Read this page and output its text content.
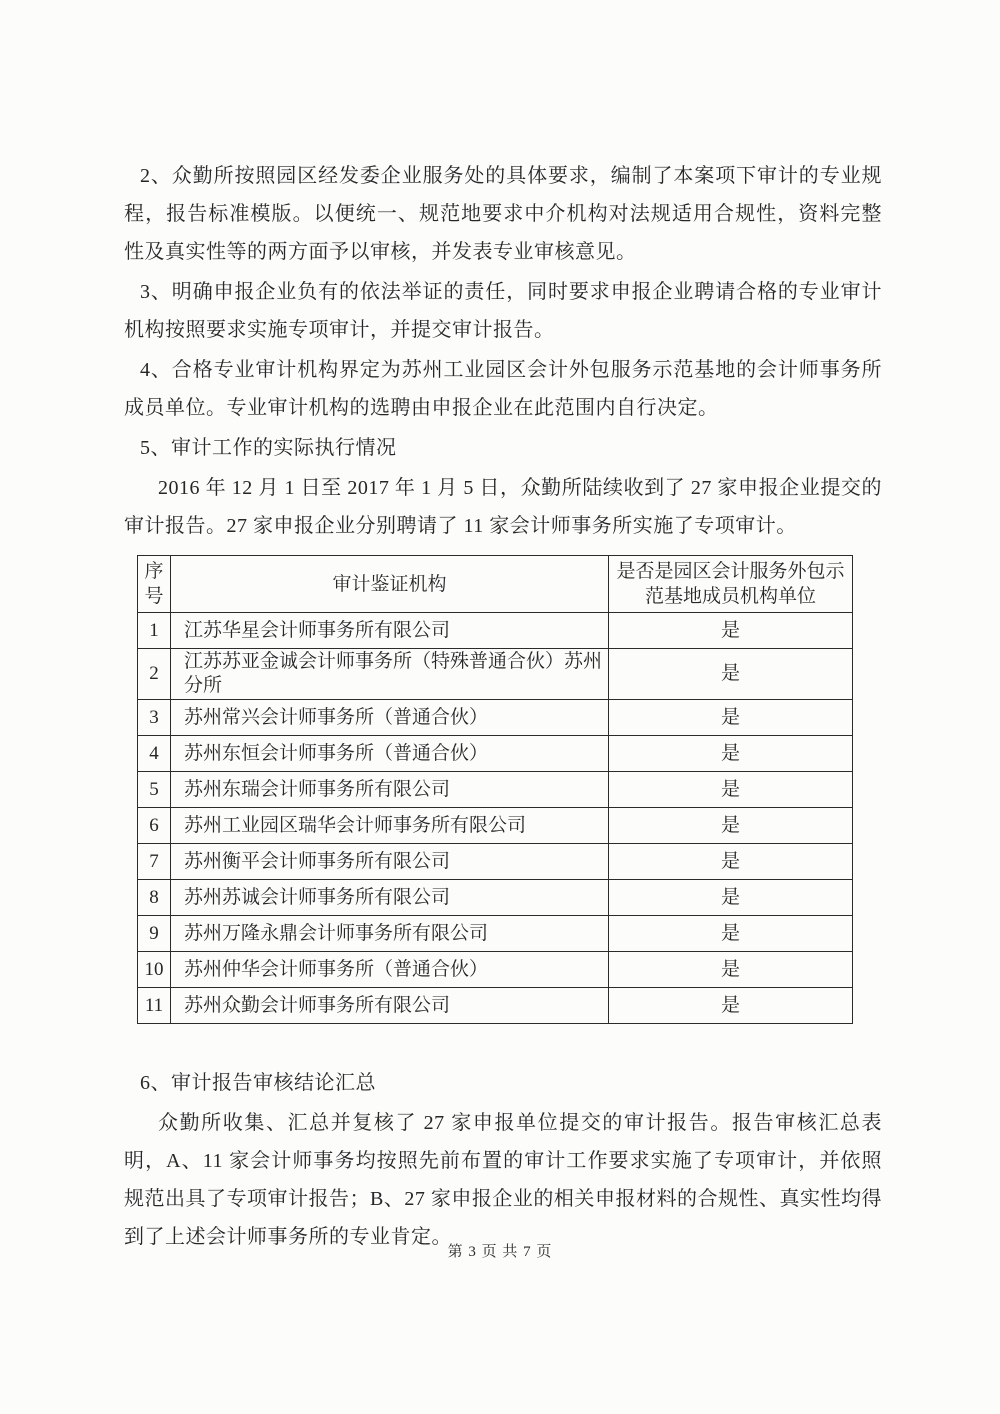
2、众勤所按照园区经发委企业服务处的具体要求，编制了本案项下审计的专业规程，报告标准模版。以便统一、规范地要求中介机构对法规适用合规性，资料完整性及真实性等的两方面予以审核，并发表专业审核意见。

3、明确申报企业负有的依法举证的责任，同时要求申报企业聘请合格的专业审计机构按照要求实施专项审计，并提交审计报告。

4、合格专业审计机构界定为苏州工业园区会计外包服务示范基地的会计师事务所成员单位。专业审计机构的选聘由申报企业在此范围内自行决定。

5、审计工作的实际执行情况

2016 年 12 月 1 日至 2017 年 1 月 5 日，众勤所陆续收到了 27 家申报企业提交的审计报告。27 家申报企业分别聘请了 11 家会计师事务所实施了专项审计。

序号	审计鉴证机构	是否是园区会计服务外包示范基地成员机构单位
1	江苏华星会计师事务所有限公司	是
2	江苏苏亚金诚会计师事务所（特殊普通合伙）苏州分所	是
3	苏州常兴会计师事务所（普通合伙）	是
4	苏州东恒会计师事务所（普通合伙）	是
5	苏州东瑞会计师事务所有限公司	是
6	苏州工业园区瑞华会计师事务所有限公司	是
7	苏州衡平会计师事务所有限公司	是
8	苏州苏诚会计师事务所有限公司	是
9	苏州万隆永鼎会计师事务所有限公司	是
10	苏州仲华会计师事务所（普通合伙）	是
11	苏州众勤会计师事务所有限公司	是

6、审计报告审核结论汇总

众勤所收集、汇总并复核了 27 家申报单位提交的审计报告。报告审核汇总表明，A、11 家会计师事务均按照先前布置的审计工作要求实施了专项审计，并依照规范出具了专项审计报告；B、27 家申报企业的相关申报材料的合规性、真实性均得到了上述会计师事务所的专业肯定。

第 3 页 共 7 页
